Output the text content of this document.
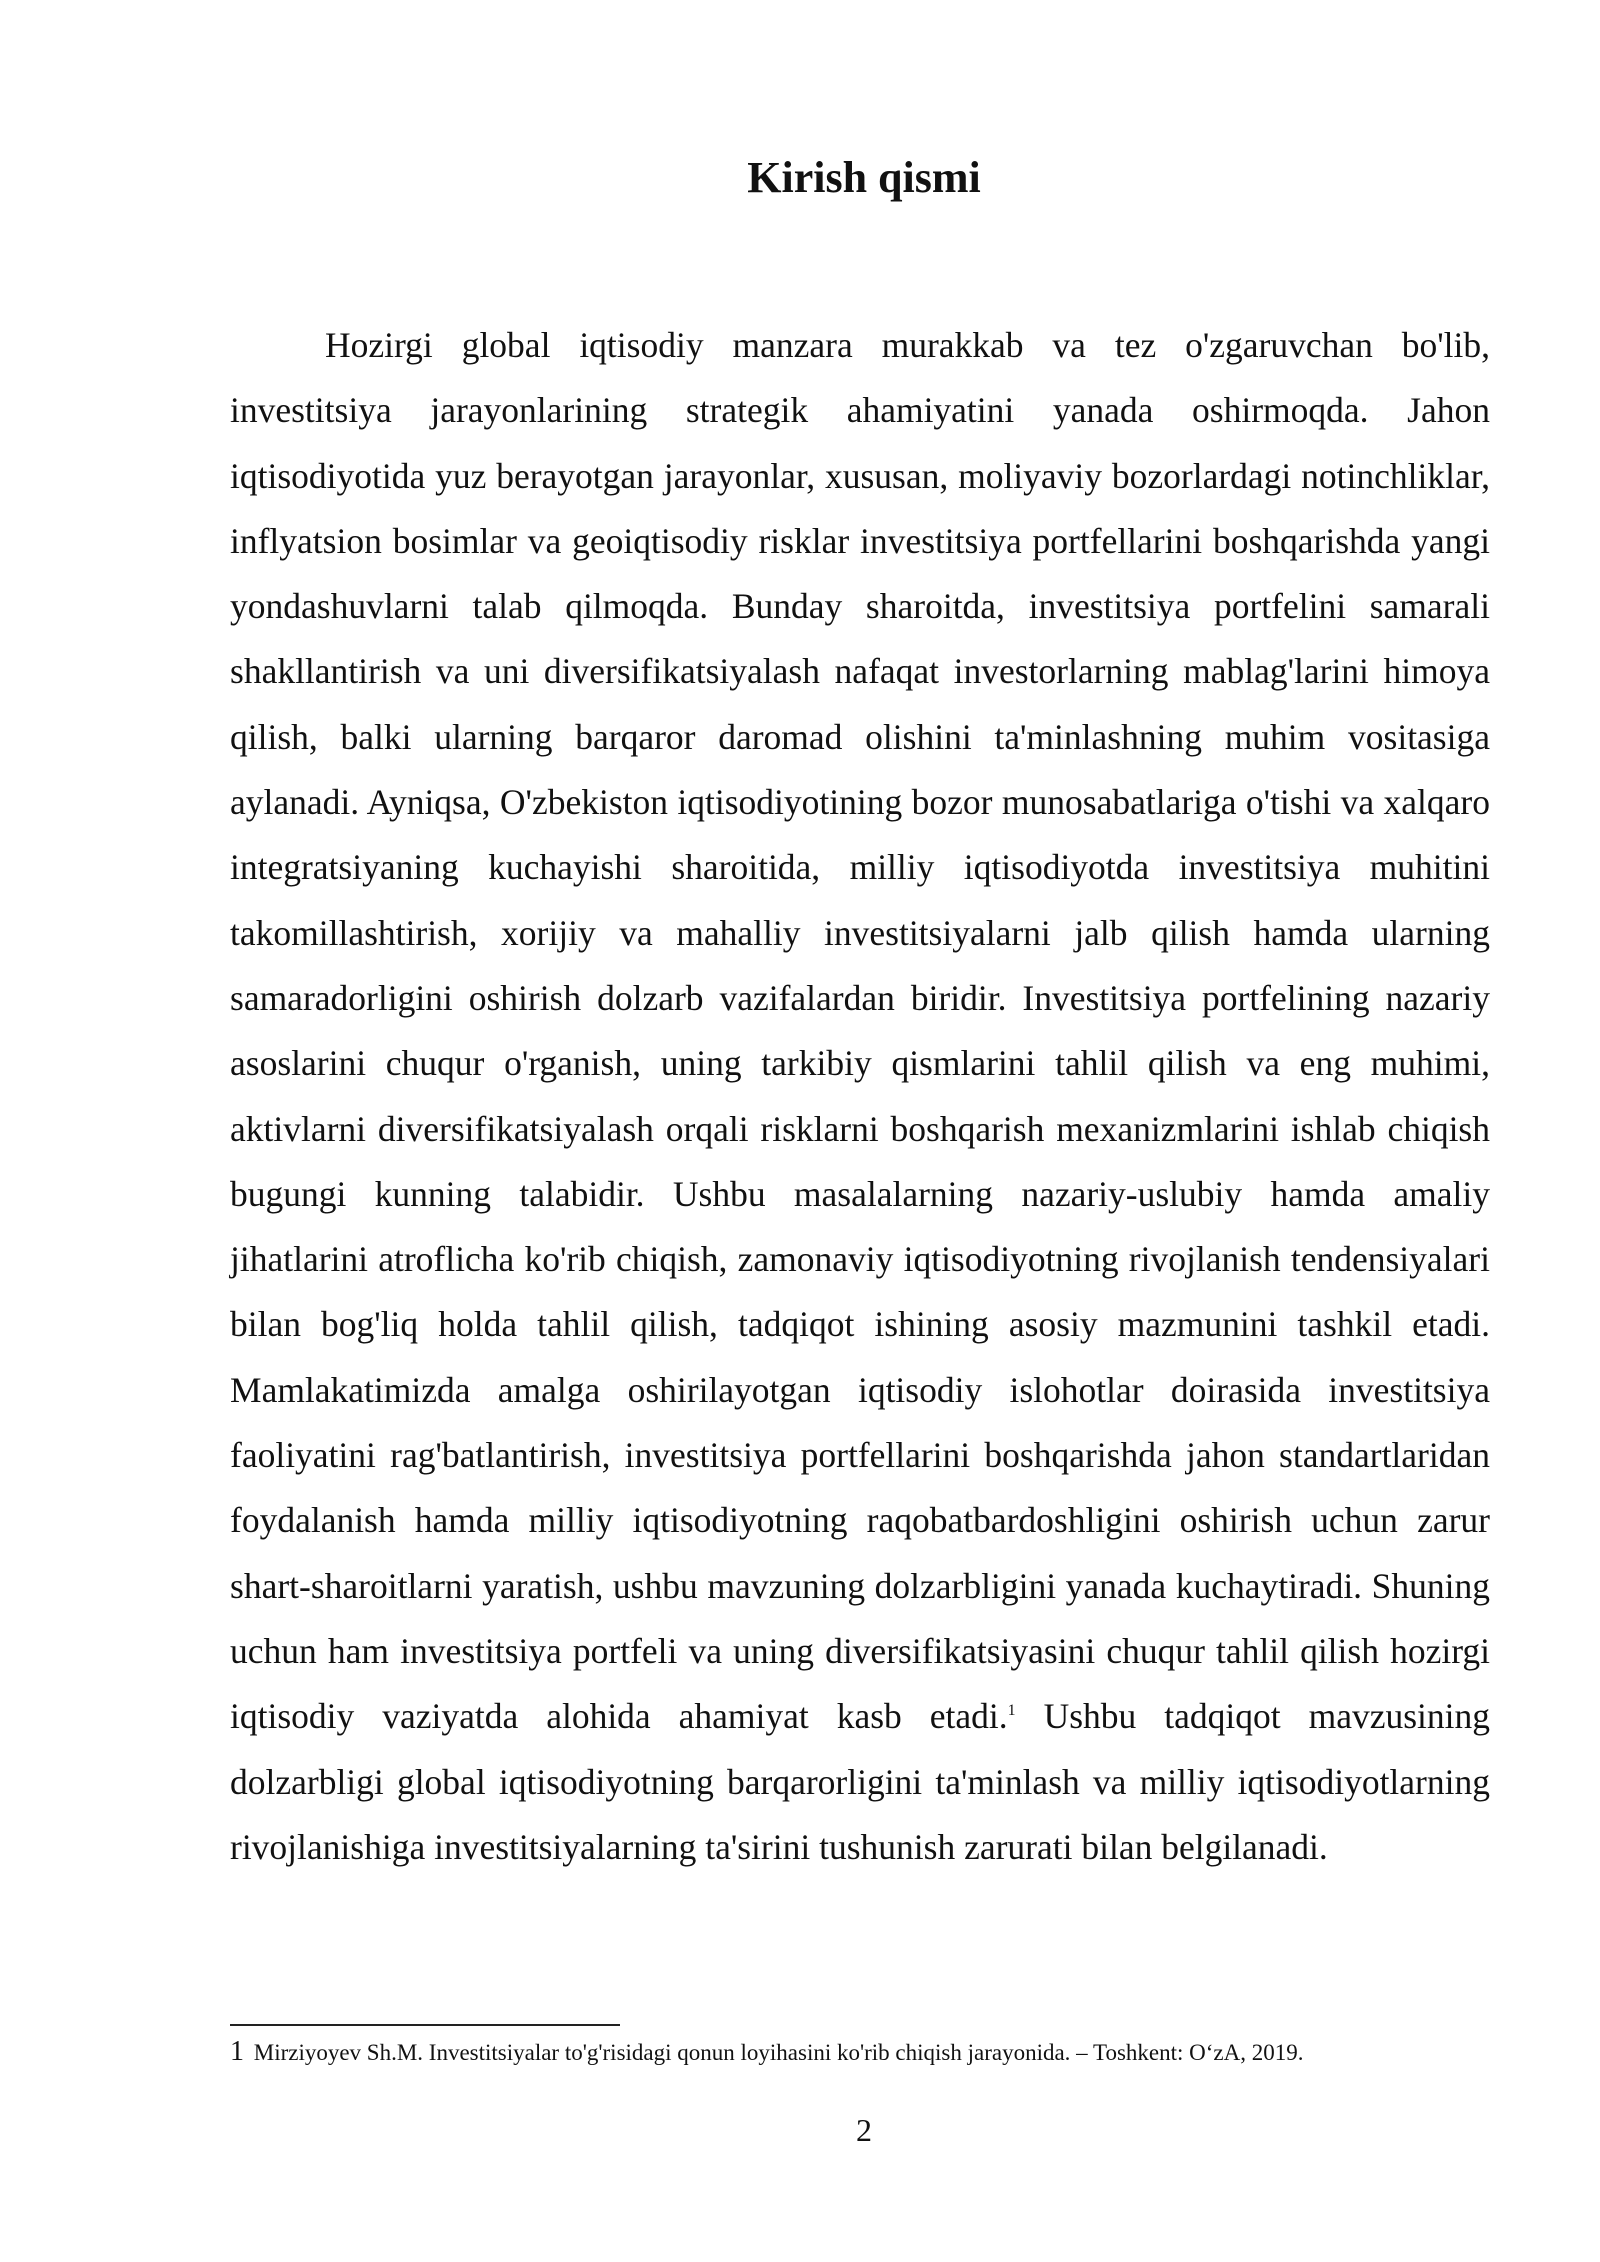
Kirish qismi

Hozirgi global iqtisodiy manzara murakkab va tez o'zgaruvchan bo'lib, investitsiya jarayonlarining strategik ahamiyatini yanada oshirmoqda. Jahon iqtisodiyotida yuz berayotgan jarayonlar, xususan, moliyaviy bozorlardagi notinchliklar, inflyatsion bosimlar va geoiqtisodiy risklar investitsiya portfellarini boshqarishda yangi yondashuvlarni talab qilmoqda. Bunday sharoitda, investitsiya portfelini samarali shakllantirish va uni diversifikatsiyalash nafaqat investorlarning mablag'larini himoya qilish, balki ularning barqaror daromad olishini ta'minlashning muhim vositasiga aylanadi. Ayniqsa, O'zbekiston iqtisodiyotining bozor munosabatlariga o'tishi va xalqaro integratsiyaning kuchayishi sharoitida, milliy iqtisodiyotda investitsiya muhitini takomillashtirish, xorijiy va mahalliy investitsiyalarni jalb qilish hamda ularning samaradorligini oshirish dolzarb vazifalardan biridir. Investitsiya portfelining nazariy asoslarini chuqur o'rganish, uning tarkibiy qismlarini tahlil qilish va eng muhimi, aktivlarni diversifikatsiyalash orqali risklarni boshqarish mexanizmlarini ishlab chiqish bugungi kunning talabidir. Ushbu masalalarning nazariy-uslubiy hamda amaliy jihatlarini atroflicha ko'rib chiqish, zamonaviy iqtisodiyotning rivojlanish tendensiyalari bilan bog'liq holda tahlil qilish, tadqiqot ishining asosiy mazmunini tashkil etadi. Mamlakatimizda amalga oshirilayotgan iqtisodiy islohotlar doirasida investitsiya faoliyatini rag'batlantirish, investitsiya portfellarini boshqarishda jahon standartlaridan foydalanish hamda milliy iqtisodiyotning raqobatbardoshligini oshirish uchun zarur shart-sharoitlarni yaratish, ushbu mavzuning dolzarbligini yanada kuchaytiradi. Shuning uchun ham investitsiya portfeli va uning diversifikatsiyasini chuqur tahlil qilish hozirgi iqtisodiy vaziyatda alohida ahamiyat kasb etadi.$^1$ Ushbu tadqiqot mavzusining dolzarbligi global iqtisodiyotning barqarorligini ta'minlash va milliy iqtisodiyotlarning rivojlanishiga investitsiyalarning ta'sirini tushunish zarurati bilan belgilanadi.

1 Mirziyoyev Sh.M. Investitsiyalar to'g'risidagi qonun loyihasini ko'rib chiqish jarayonida. – Toshkent: O‘zA, 2019.

2
